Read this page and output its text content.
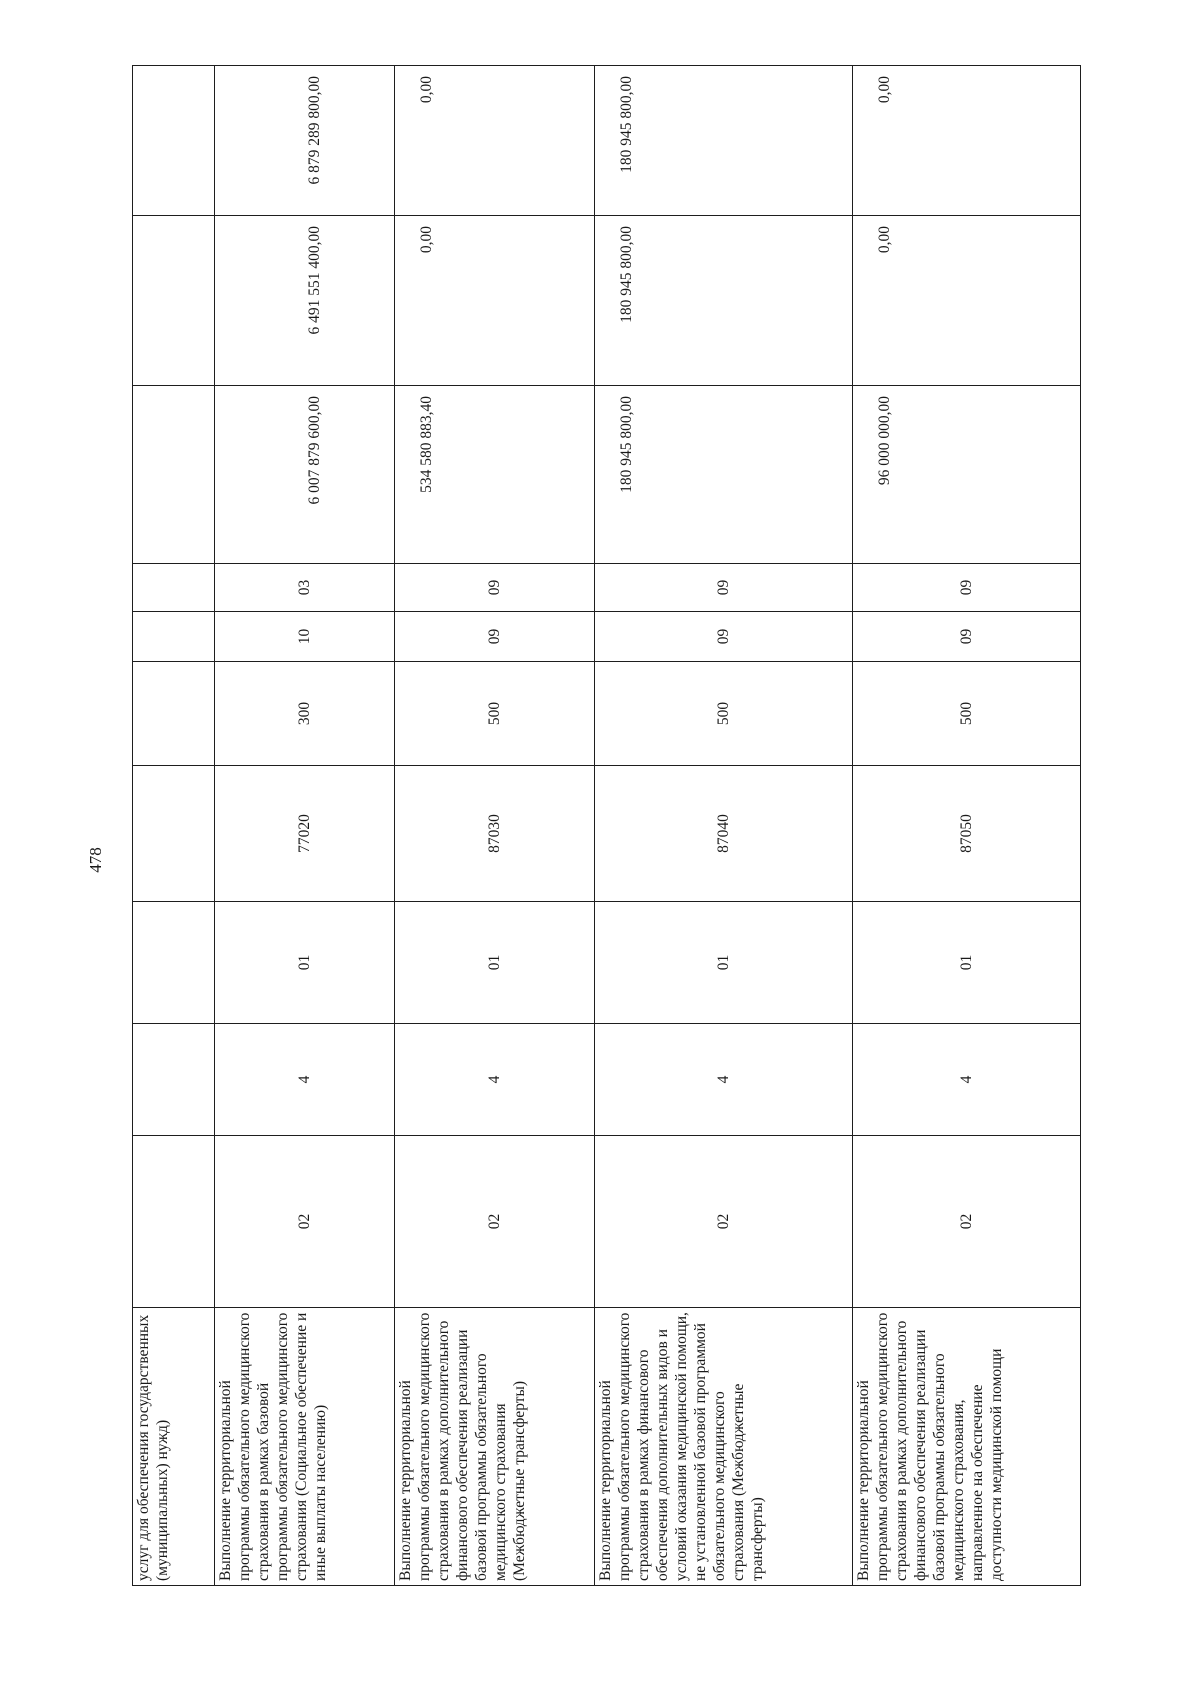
478
услуг для обеспечения государственных (муниципальных) нужд)										
Выполнение территориальной программы обязательного медицинского страхования в рамках базовой программы обязательного медицинского страхования (Социальное обеспечение и иные выплаты населению)	02	4	01	77020	300	10	03	6 007 879 600,00	6 491 551 400,00	6 879 289 800,00
Выполнение территориальной программы обязательного медицинского страхования в рамках дополнительного финансового обеспечения реализации базовой программы обязательного медицинского страхования (Межбюджетные трансферты)	02	4	01	87030	500	09	09	534 580 883,40	0,00	0,00
Выполнение территориальной программы обязательного медицинского страхования в рамках финансового обеспечения дополнительных видов и условий оказания медицинской помощи, не установленной базовой программой обязательного медицинского страхования (Межбюджетные трансферты)	02	4	01	87040	500	09	09	180 945 800,00	180 945 800,00	180 945 800,00
Выполнение территориальной программы обязательного медицинского страхования в рамках дополнительного финансового обеспечения реализации базовой программы обязательного медицинского страхования, направленное на обеспечение доступности медицинской помощи	02	4	01	87050	500	09	09	96 000 000,00	0,00	0,00
